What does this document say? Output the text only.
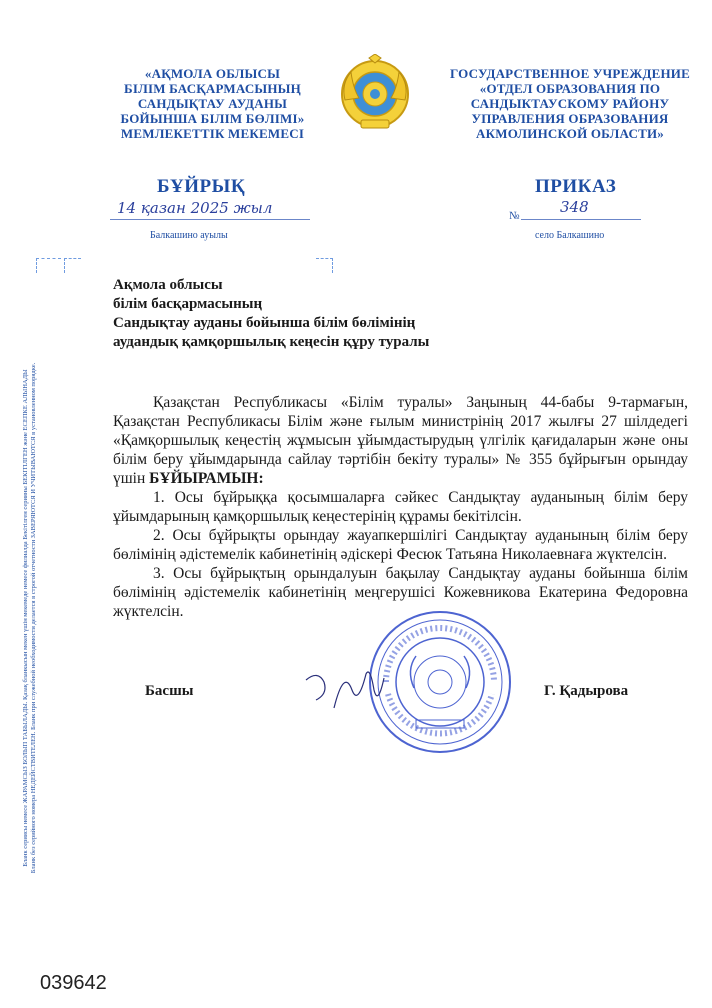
«АҚМОЛА ОБЛЫСЫ
БІЛІМ БАСҚАРМАСЫНЫҢ
САНДЫҚТАУ АУДАНЫ
БОЙЫНША БІЛІМ БӨЛІМІ»
МЕМЛЕКЕТТІК МЕКЕМЕСІ
ГОСУДАРСТВЕННОЕ УЧРЕЖДЕНИЕ
«ОТДЕЛ ОБРАЗОВАНИЯ ПО
САНДЫКТАУСКОМУ РАЙОНУ
УПРАВЛЕНИЯ ОБРАЗОВАНИЯ
АКМОЛИНСКОЙ ОБЛАСТИ»
БҰЙРЫҚ	ПРИКАЗ
14 қазан 2025 жыл
Балкашино ауылы
№	348
село Балкашино
Ақмола облысы
білім басқармасының
Сандықтау ауданы бойынша білім бөлімінің
аудандық қамқоршылық кеңесін құру туралы

Қазақстан Республикасы «Білім туралы» Заңының 44-бабы 9-тармағын, Қазақстан Республикасы Білім және ғылым министрінің 2017 жылғы 27 шілдедегі «Қамқоршылық кеңестің жұмысын ұйымдастырудың үлгілік қағидаларын және оны білім беру ұйымдарында сайлау тәртібін бекіту туралы» № 355 бұйрығын орындау үшін БҰЙЫРАМЫН:

1. Осы бұйрыққа қосымшаларға сәйкес Сандықтау ауданының білім беру ұйымдарының қамқоршылық кеңестерінің құрамы бекітілсін.

2. Осы бұйрықты орындау жауапкершілігі Сандықтау ауданының білім беру бөлімінің әдістемелік кабинетінің әдіскері Фесюк Татьяна Николаевнаға жүктелсін.

3. Осы бұйрықтың орындалуын бақылау Сандықтау ауданы бойынша білім бөлімінің әдістемелік кабинетінің меңгерушісі Кожевникова Екатерина Федоровна жүктелсін.

Басшы	Г. Қадырова
Бланк сериясы немесе ЖАРАМСЫЗ БОЛЫП ТАБЫЛАДЫ. Қазақ бланкысын мекен үшін мекемеде немесе филиалда Бекітілген серияны БЕКІТІЛГЕН және ЕСЕПКЕ АЛЫНАДЫ Бланк без серийного номера НЕДЕЙСТВИТЕЛЕН. Бланк при служебной необходимости делается в строгой отчетности ЗАВЕРЯЮТСЯ И УЧИТЫВАЮТСЯ в установленном порядке.
039642
